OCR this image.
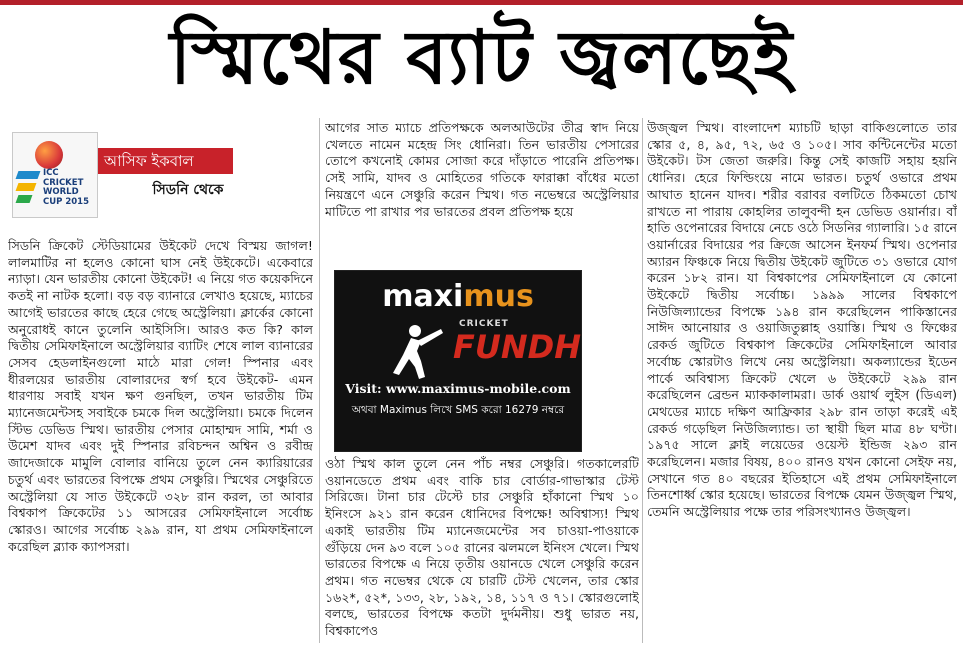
স্মিথের ব্যাট জ্বলছেই
ICC CRICKET WORLD CUP 2015
আসিফ ইকবাল
সিডনি থেকে
সিডনি ক্রিকেট স্টেডিয়ামের উইকেট দেখে বিস্ময় জাগল! লালমাটির না হলেও কোনো ঘাস নেই উইকেটে। একেবারে ন্যাড়া। যেন ভারতীয় কোনো উইকেট! এ নিয়ে গত কয়েকদিনে কতই না নাটক হলো। বড় বড় ব্যানারে লেখাও হয়েছে, ম্যাচের আগেই ভারতের কাছে হেরে গেছে অস্ট্রেলিয়া। ক্লার্কের কোনো অনুরোধই কানে তুলেনি আইসিসি। আরও কত কি? কাল দ্বিতীয় সেমিফাইনালে অস্ট্রেলিয়ার ব্যাটিং শেষে লাল ব্যানারের সেসব হেডলাইনগুলো মাঠে মারা গেল! স্পিনার এবং ধীরলয়ের ভারতীয় বোলারদের স্বর্গ হবে উইকেট- এমন ধারণায় সবাই যখন ক্ষণ গুনছিল, তখন ভারতীয় টিম ম্যানেজমেন্টসহ সবাইকে চমকে দিল অস্ট্রেলিয়া। চমকে দিলেন স্টিভ ডেভিড স্মিথ। ভারতীয় পেসার মোহাম্মদ সামি, শর্মা ও উমেশ যাদব এবং দুই স্পিনার রবিচন্দন অশ্বিন ও রবীন্দ্র জাদেজাকে মামুলি বোলার বানিয়ে তুলে নেন ক্যারিয়ারের চতুর্থ এবং ভারতের বিপক্ষে প্রথম সেঞ্চুরি। স্মিথের সেঞ্চুরিতে অস্ট্রেলিয়া যে সাত উইকেটে ৩২৮ রান করল, তা আবার বিশ্বকাপ ক্রিকেটের ১১ আসরের সেমিফাইনালে সর্বোচ্চ স্কোরও। আগের সর্বোচ্চ ২৯৯ রান, যা প্রথম সেমিফাইনালে করেছিল ব্ল্যাক ক্যাপসরা।
আগের সাত ম্যাচে প্রতিপক্ষকে অলআউটের তীব্র স্বাদ নিয়ে খেলতে নামেন মহেন্দ্র সিং ধোনিরা। তিন ভারতীয় পেসারের তোপে কখনোই কোমর সোজা করে দাঁড়াতে পারেনি প্রতিপক্ষ। সেই সামি, যাদব ও মোহিতের গতিকে ফারাক্কা বাঁধের মতো নিয়ন্ত্রণে এনে সেঞ্চুরি করেন স্মিথ। গত নভেম্বরে অস্ট্রেলিয়ার মাটিতে পা রাখার পর ভারতের প্রবল প্রতিপক্ষ হয়ে
maximus
CRICKET
FUNDH
Visit: www.maximus-mobile.com
অথবা Maximus লিখে SMS করো 16279 নম্বরে
ওঠা স্মিথ কাল তুলে নেন পাঁচ নম্বর সেঞ্চুরি। গতকালেরটি ওয়ানডেতে প্রথম এবং বাকি চার বোর্ডার-গাভাস্কার টেস্ট সিরিজে। টানা চার টেস্টে চার সেঞ্চুরি হাঁকানো স্মিথ ১০ ইনিংসে ৯২১ রান করেন ধোনিদের বিপক্ষে! অবিশ্বাস্য! স্মিথ একাই ভারতীয় টিম ম্যানেজমেন্টের সব চাওয়া-পাওয়াকে গুঁড়িয়ে দেন ৯৩ বলে ১০৫ রানের ঝলমলে ইনিংস খেলে। স্মিথ ভারতের বিপক্ষে এ নিয়ে তৃতীয় ওয়ানডে খেলে সেঞ্চুরি করেন প্রথম। গত নভেম্বর থেকে যে চারটি টেস্ট খেলেন, তার স্কোর ১৬২*, ৫২*, ১৩৩, ২৮, ১৯২, ১৪, ১১৭ ও ৭১। স্কোরগুলোই বলছে, ভারতের বিপক্ষে কতটা দুর্দমনীয়। শুধু ভারত নয়, বিশ্বকাপেও
উজ্জ্বল স্মিথ। বাংলাদেশ ম্যাচটি ছাড়া বাকিগুলোতে তার স্কোর ৫, ৪, ৯৫, ৭২, ৬৫ ও ১০৫। সাব কন্টিনেন্টের মতো উইকেট। টস জেতা জরুরি। কিন্তু সেই কাজটি সহায় হয়নি ধোনির। হেরে ফিল্ডিংয়ে নামে ভারত। চতুর্থ ওভারে প্রথম আঘাত হানেন যাদব। শরীর বরাবর বলটিতে ঠিকমতো চোখ রাখতে না পারায় কোহলির তালুবন্দী হন ডেভিড ওয়ার্নার। বাঁ হাতি ওপেনারের বিদায়ে নেচে ওঠে সিডনির গ্যালারি। ১৫ রানে ওয়ার্নারের বিদায়ের পর ক্রিজে আসেন ইনফর্ম স্মিথ। ওপেনার অ্যারন ফিঞ্চকে নিয়ে দ্বিতীয় উইকেট জুটিতে ৩১ ওভারে যোগ করেন ১৮২ রান। যা বিশ্বকাপের সেমিফাইনালে যে কোনো উইকেটে দ্বিতীয় সর্বোচ্চ। ১৯৯৯ সালের বিশ্বকাপে নিউজিল্যান্ডের বিপক্ষে ১৯৪ রান করেছিলেন পাকিস্তানের সাঈদ আনোয়ার ও ওয়াজিতুল্লাহ ওয়াস্তি। স্মিথ ও ফিঞ্চের রেকর্ড জুটিতে বিশ্বকাপ ক্রিকেটের সেমিফাইনালে আবার সর্বোচ্চ স্কোরটাও লিখে নেয় অস্ট্রেলিয়া। অকল্যান্ডের ইডেন পার্কে অবিশ্বাস্য ক্রিকেট খেলে ৬ উইকেটে ২৯৯ রান করেছিলেন ব্রেন্ডন ম্যাককালামরা। ডার্ক ওয়ার্থ লুইস (ডিএল) মেথডের ম্যাচে দক্ষিণ আফ্রিকার ২৯৮ রান তাড়া করেই এই রেকর্ড গড়েছিল নিউজিল্যান্ড। তা স্থায়ী ছিল মাত্র ৪৮ ঘণ্টা। ১৯৭৫ সালে ক্লাই লয়েডের ওয়েস্ট ইন্ডিজ ২৯৩ রান করেছিলেন। মজার বিষয়, ৪০০ রানও যখন কোনো সেইফ নয়, সেখানে গত ৪০ বছরের ইতিহাসে এই প্রথম সেমিফাইনালে তিনশোর্ধ্ব স্কোর হয়েছে। ভারতের বিপক্ষে যেমন উজ্জ্বল স্মিথ, তেমনি অস্ট্রেলিয়ার পক্ষে তার পরিসংখ্যানও উজ্জ্বল।
